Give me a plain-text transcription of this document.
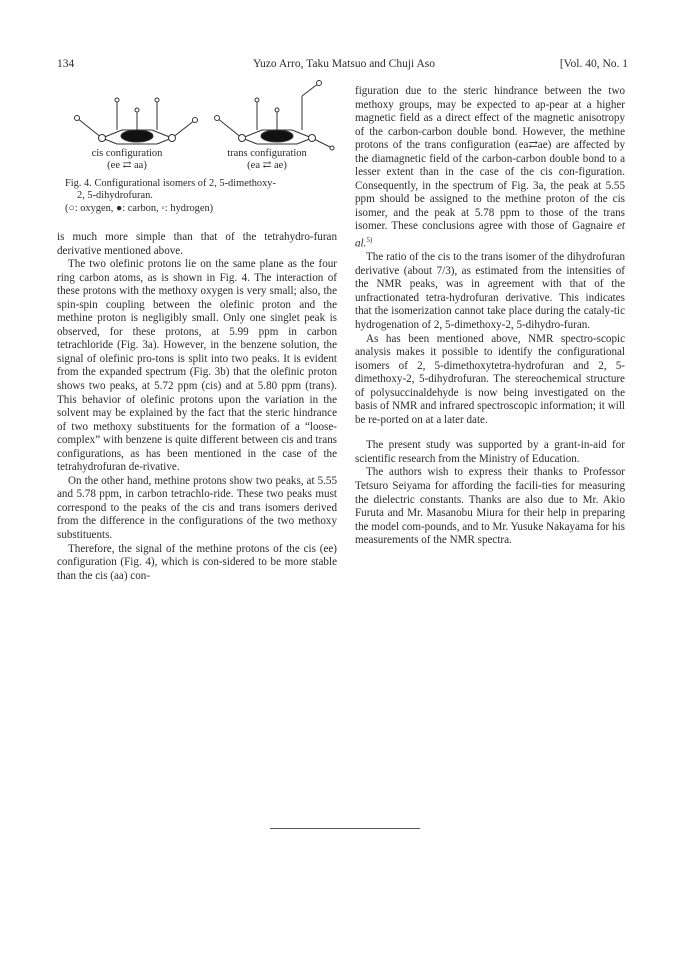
134	Yuzo Arro, Taku Matsuo and Chuji Aso	[Vol. 40, No. 1
cis configuration
(ee ⇄ aa)
trans configuration
(ea ⇄ ae)
Fig. 4. Configurational isomers of 2, 5-dimethoxy-
2, 5-dihydrofuran.
(○: oxygen, ●: carbon, ◦: hydrogen)

is much more simple than that of the tetrahydro-furan derivative mentioned above.

The two olefinic protons lie on the same plane as the four ring carbon atoms, as is shown in Fig. 4. The interaction of these protons with the methoxy oxygen is very small; also, the spin-spin coupling between the olefinic proton and the methine proton is negligibly small. Only one singlet peak is observed, for these protons, at 5.99 ppm in carbon tetrachloride (Fig. 3a). However, in the benzene solution, the signal of olefinic pro-tons is split into two peaks. It is evident from the expanded spectrum (Fig. 3b) that the olefinic proton shows two peaks, at 5.72 ppm (cis) and at 5.80 ppm (trans). This behavior of olefinic protons upon the variation in the solvent may be explained by the fact that the steric hindrance of two methoxy substituents for the formation of a “loose-complex” with benzene is quite different between cis and trans configurations, as has been mentioned in the case of the tetrahydrofuran de-rivative.

On the other hand, methine protons show two peaks, at 5.55 and 5.78 ppm, in carbon tetrachlo-ride. These two peaks must correspond to the peaks of the cis and trans isomers derived from the difference in the configurations of the two methoxy substituents.

Therefore, the signal of the methine protons of the cis (ee) configuration (Fig. 4), which is con-sidered to be more stable than the cis (aa) con-

figuration due to the steric hindrance between the two methoxy groups, may be expected to ap-pear at a higher magnetic field as a direct effect of the magnetic anisotropy of the carbon-carbon double bond. However, the methine protons of the trans configuration (ea⇄ae) are affected by the diamagnetic field of the carbon-carbon double bond to a lesser extent than in the case of the cis con-figuration. Consequently, in the spectrum of Fig. 3a, the peak at 5.55 ppm should be assigned to the methine proton of the cis isomer, and the peak at 5.78 ppm to those of the trans isomer. These conclusions agree with those of Gagnaire et al.$^{5)}$

The ratio of the cis to the trans isomer of the dihydrofuran derivative (about 7/3), as estimated from the intensities of the NMR peaks, was in agreement with that of the unfractionated tetra-hydrofuran derivative. This indicates that the isomerization cannot take place during the cataly-tic hydrogenation of 2, 5-dimethoxy-2, 5-dihydro-furan.

As has been mentioned above, NMR spectro-scopic analysis makes it possible to identify the configurational isomers of 2, 5-dimethoxytetra-hydrofuran and 2, 5-dimethoxy-2, 5-dihydrofuran. The stereochemical structure of polysuccinaldehyde is now being investigated on the basis of NMR and infrared spectroscopic information; it will be re-ported on at a later date.

The present study was supported by a grant-in-aid for scientific research from the Ministry of Education.

The authors wish to express their thanks to Professor Tetsuro Seiyama for affording the facili-ties for measuring the dielectric constants. Thanks are also due to Mr. Akio Furuta and Mr. Masanobu Miura for their help in preparing the model com-pounds, and to Mr. Yusuke Nakayama for his measurements of the NMR spectra.
